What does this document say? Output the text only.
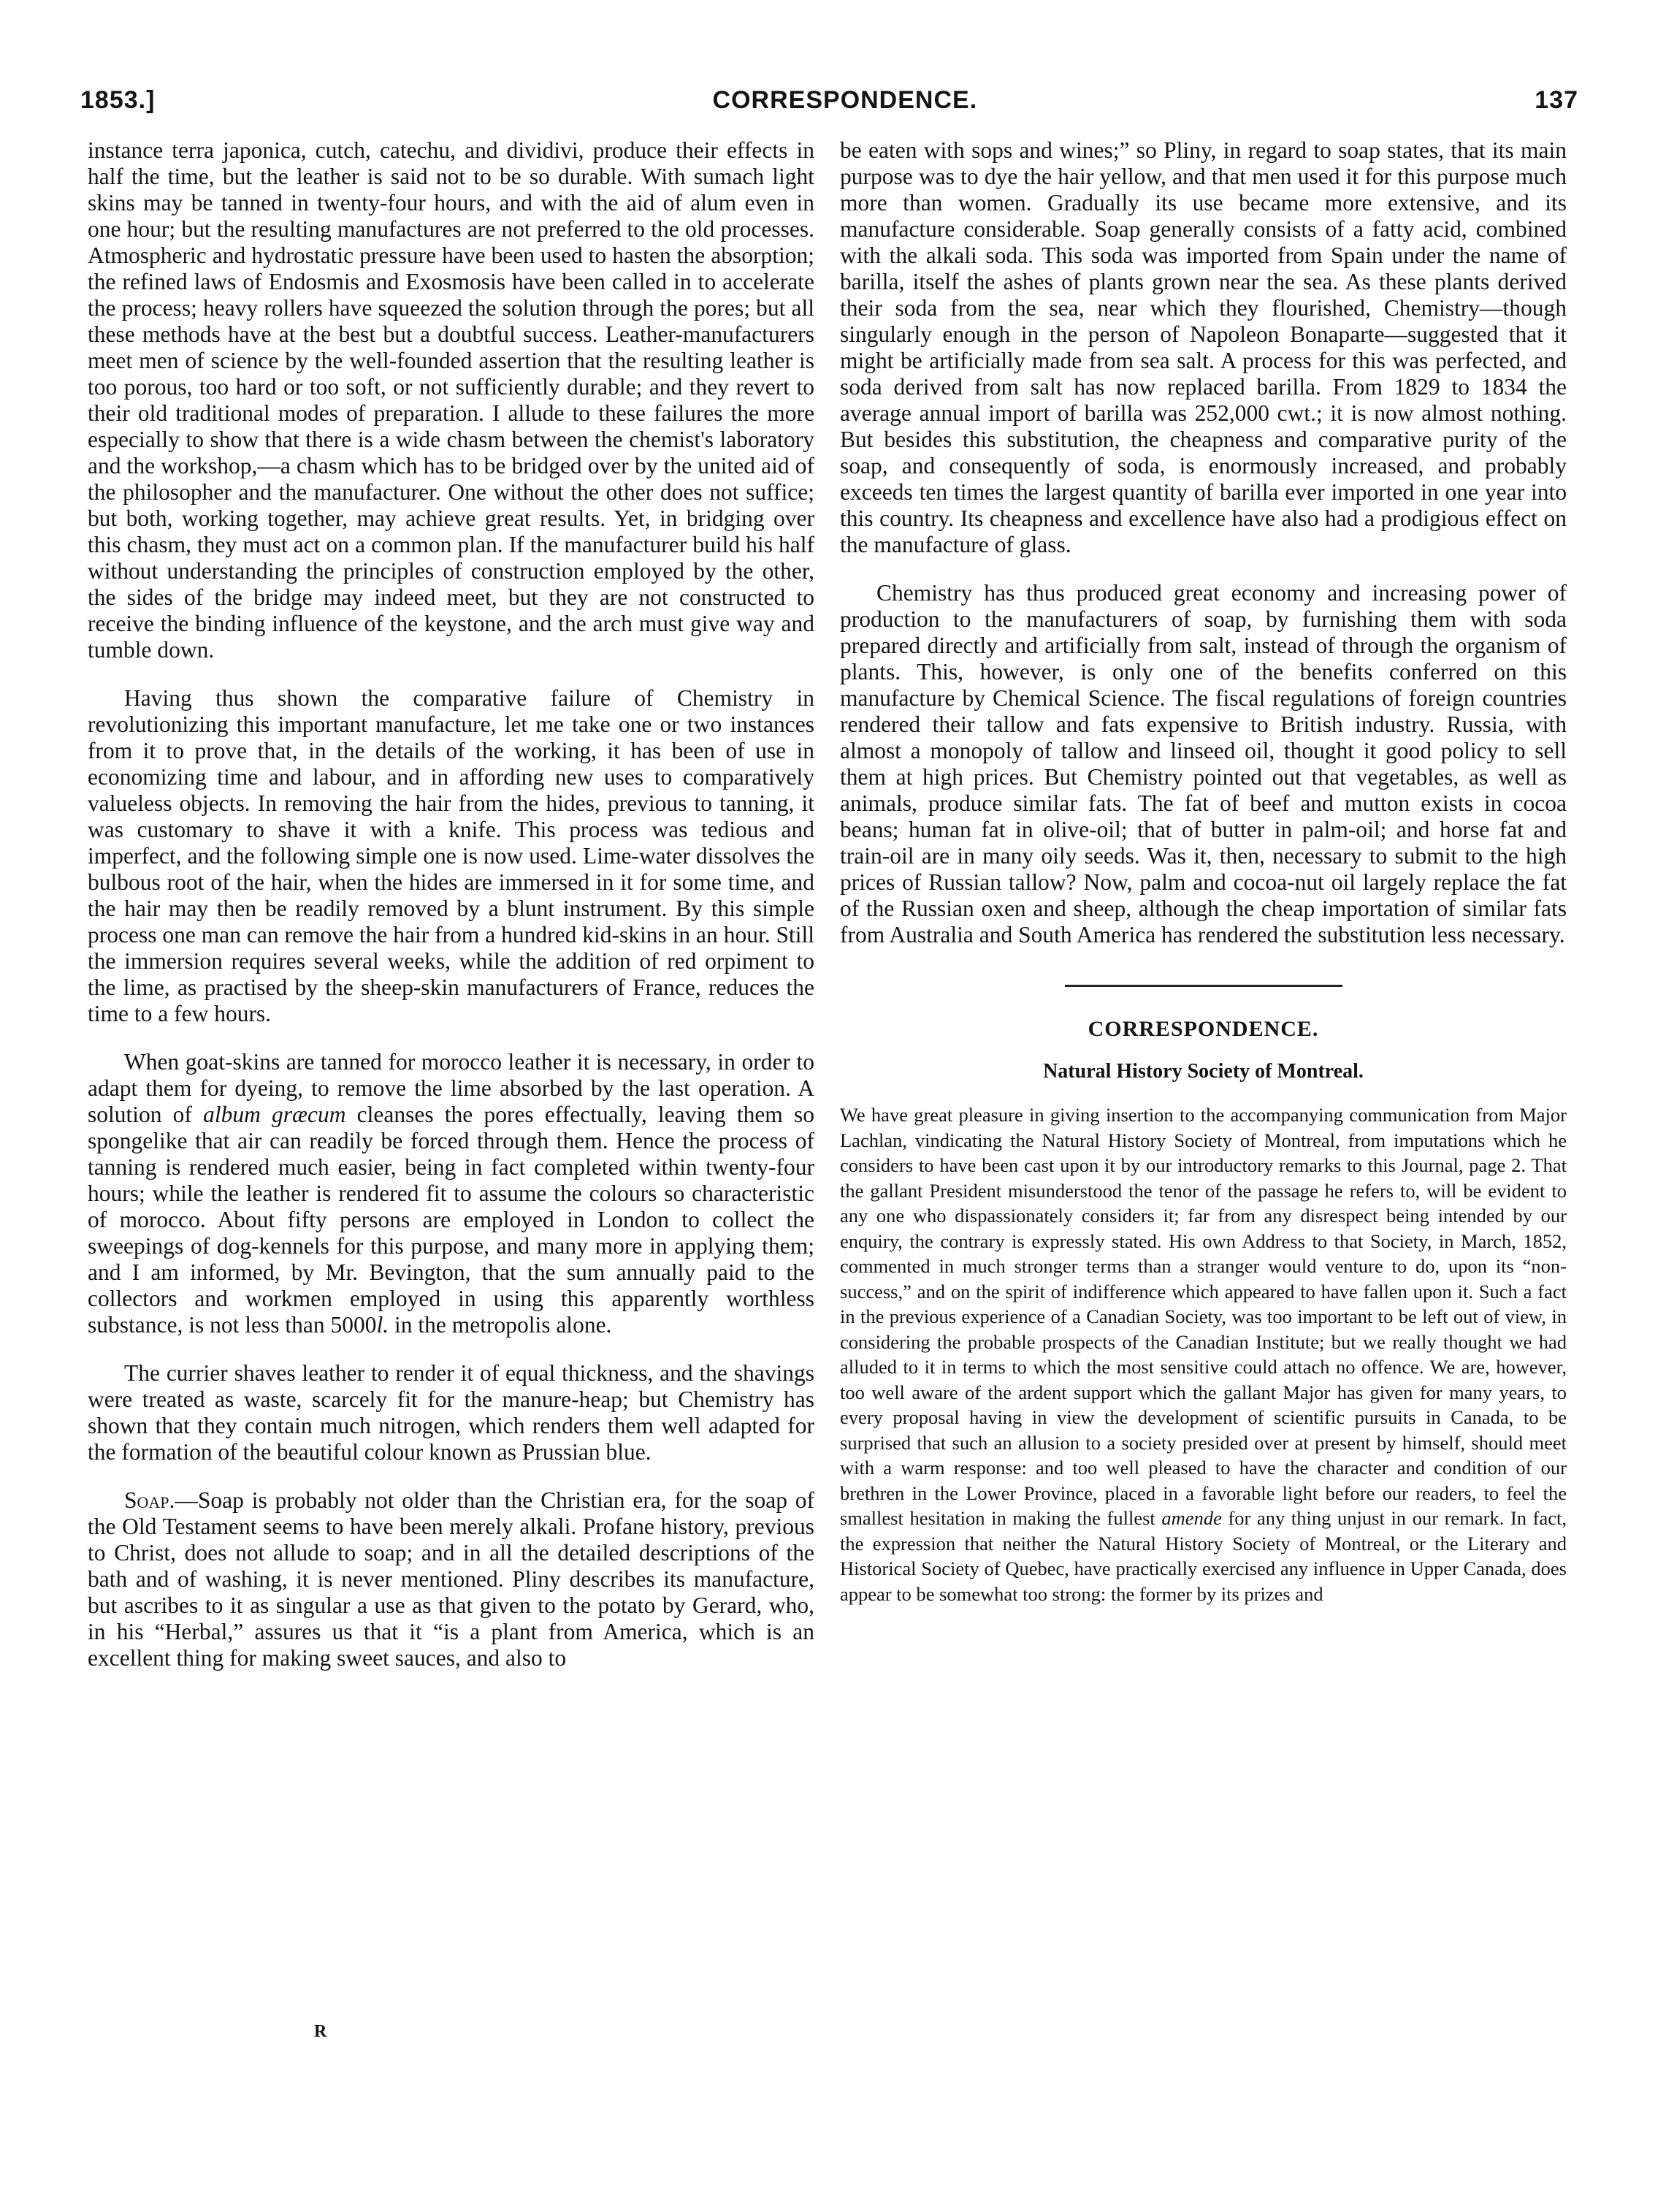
1853.]	CORRESPONDENCE.	137

instance terra japonica, cutch, catechu, and dividivi, produce their effects in half the time, but the leather is said not to be so durable. With sumach light skins may be tanned in twenty-four hours, and with the aid of alum even in one hour; but the resulting manufactures are not preferred to the old processes. Atmospheric and hydrostatic pressure have been used to hasten the absorption; the refined laws of Endosmis and Exosmosis have been called in to accelerate the process; heavy rollers have squeezed the solution through the pores; but all these methods have at the best but a doubtful success. Leather-manufacturers meet men of science by the well-founded assertion that the resulting leather is too porous, too hard or too soft, or not sufficiently durable; and they revert to their old traditional modes of preparation. I allude to these failures the more especially to show that there is a wide chasm between the chemist's laboratory and the workshop,—a chasm which has to be bridged over by the united aid of the philosopher and the manufacturer. One without the other does not suffice; but both, working together, may achieve great results. Yet, in bridging over this chasm, they must act on a common plan. If the manufacturer build his half without understanding the principles of construction employed by the other, the sides of the bridge may indeed meet, but they are not constructed to receive the binding influence of the keystone, and the arch must give way and tumble down.

Having thus shown the comparative failure of Chemistry in revolutionizing this important manufacture, let me take one or two instances from it to prove that, in the details of the working, it has been of use in economizing time and labour, and in affording new uses to comparatively valueless objects. In removing the hair from the hides, previous to tanning, it was customary to shave it with a knife. This process was tedious and imperfect, and the following simple one is now used. Lime-water dissolves the bulbous root of the hair, when the hides are immersed in it for some time, and the hair may then be readily removed by a blunt instrument. By this simple process one man can remove the hair from a hundred kid-skins in an hour. Still the immersion requires several weeks, while the addition of red orpiment to the lime, as practised by the sheep-skin manufacturers of France, reduces the time to a few hours.

When goat-skins are tanned for morocco leather it is necessary, in order to adapt them for dyeing, to remove the lime absorbed by the last operation. A solution of album græcum cleanses the pores effectually, leaving them so spongelike that air can readily be forced through them. Hence the process of tanning is rendered much easier, being in fact completed within twenty-four hours; while the leather is rendered fit to assume the colours so characteristic of morocco. About fifty persons are employed in London to collect the sweepings of dog-kennels for this purpose, and many more in applying them; and I am informed, by Mr. Bevington, that the sum annually paid to the collectors and workmen employed in using this apparently worthless substance, is not less than 5000l. in the metropolis alone.

The currier shaves leather to render it of equal thickness, and the shavings were treated as waste, scarcely fit for the manure-heap; but Chemistry has shown that they contain much nitrogen, which renders them well adapted for the formation of the beautiful colour known as Prussian blue.

Soap.—Soap is probably not older than the Christian era, for the soap of the Old Testament seems to have been merely alkali. Profane history, previous to Christ, does not allude to soap; and in all the detailed descriptions of the bath and of washing, it is never mentioned. Pliny describes its manufacture, but ascribes to it as singular a use as that given to the potato by Gerard, who, in his “Herbal,” assures us that it “is a plant from America, which is an excellent thing for making sweet sauces, and also to

R

be eaten with sops and wines;” so Pliny, in regard to soap states, that its main purpose was to dye the hair yellow, and that men used it for this purpose much more than women. Gradually its use became more extensive, and its manufacture considerable. Soap generally consists of a fatty acid, combined with the alkali soda. This soda was imported from Spain under the name of barilla, itself the ashes of plants grown near the sea. As these plants derived their soda from the sea, near which they flourished, Chemistry—though singularly enough in the person of Napoleon Bonaparte—suggested that it might be artificially made from sea salt. A process for this was perfected, and soda derived from salt has now replaced barilla. From 1829 to 1834 the average annual import of barilla was 252,000 cwt.; it is now almost nothing. But besides this substitution, the cheapness and comparative purity of the soap, and consequently of soda, is enormously increased, and probably exceeds ten times the largest quantity of barilla ever imported in one year into this country. Its cheapness and excellence have also had a prodigious effect on the manufacture of glass.

Chemistry has thus produced great economy and increasing power of production to the manufacturers of soap, by furnishing them with soda prepared directly and artificially from salt, instead of through the organism of plants. This, however, is only one of the benefits conferred on this manufacture by Chemical Science. The fiscal regulations of foreign countries rendered their tallow and fats expensive to British industry. Russia, with almost a monopoly of tallow and linseed oil, thought it good policy to sell them at high prices. But Chemistry pointed out that vegetables, as well as animals, produce similar fats. The fat of beef and mutton exists in cocoa beans; human fat in olive-oil; that of butter in palm-oil; and horse fat and train-oil are in many oily seeds. Was it, then, necessary to submit to the high prices of Russian tallow? Now, palm and cocoa-nut oil largely replace the fat of the Russian oxen and sheep, although the cheap importation of similar fats from Australia and South America has rendered the substitution less necessary.

CORRESPONDENCE.
Natural History Society of Montreal.

We have great pleasure in giving insertion to the accompanying communication from Major Lachlan, vindicating the Natural History Society of Montreal, from imputations which he considers to have been cast upon it by our introductory remarks to this Journal, page 2. That the gallant President misunderstood the tenor of the passage he refers to, will be evident to any one who dispassionately considers it; far from any disrespect being intended by our enquiry, the contrary is expressly stated. His own Address to that Society, in March, 1852, commented in much stronger terms than a stranger would venture to do, upon its “non-success,” and on the spirit of indifference which appeared to have fallen upon it. Such a fact in the previous experience of a Canadian Society, was too important to be left out of view, in considering the probable prospects of the Canadian Institute; but we really thought we had alluded to it in terms to which the most sensitive could attach no offence. We are, however, too well aware of the ardent support which the gallant Major has given for many years, to every proposal having in view the development of scientific pursuits in Canada, to be surprised that such an allusion to a society presided over at present by himself, should meet with a warm response: and too well pleased to have the character and condition of our brethren in the Lower Province, placed in a favorable light before our readers, to feel the smallest hesitation in making the fullest amende for any thing unjust in our remark. In fact, the expression that neither the Natural History Society of Montreal, or the Literary and Historical Society of Quebec, have practically exercised any influence in Upper Canada, does appear to be somewhat too strong: the former by its prizes and
